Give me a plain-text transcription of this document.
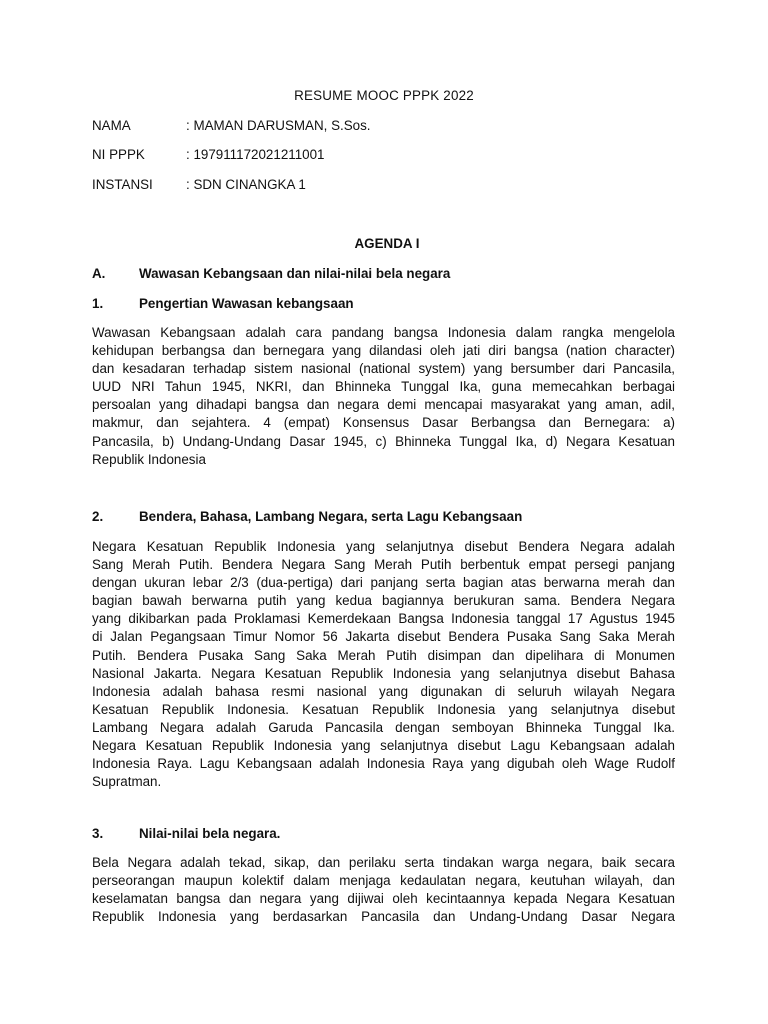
RESUME MOOC PPPK 2022
NAMA	: MAMAN DARUSMAN, S.Sos.
NI PPPK	: 197911172021211001
INSTANSI : SDN CINANGKA 1
AGENDA I
A.	Wawasan Kebangsaan dan nilai-nilai bela negara
1.	Pengertian Wawasan kebangsaan
Wawasan Kebangsaan adalah cara pandang bangsa Indonesia dalam rangka mengelola
kehidupan berbangsa dan bernegara yang dilandasi oleh jati diri bangsa (nation character)
dan kesadaran terhadap sistem nasional (national system) yang bersumber dari Pancasila,
UUD NRI Tahun 1945, NKRI, dan Bhinneka Tunggal Ika, guna memecahkan berbagai
persoalan yang dihadapi bangsa dan negara demi mencapai masyarakat yang aman, adil,
makmur, dan sejahtera. 4 (empat) Konsensus Dasar Berbangsa dan Bernegara: a)
Pancasila, b) Undang-Undang Dasar 1945, c) Bhinneka Tunggal Ika, d) Negara Kesatuan
Republik Indonesia
2.	Bendera, Bahasa, Lambang Negara, serta Lagu Kebangsaan
Negara Kesatuan Republik Indonesia yang selanjutnya disebut Bendera Negara adalah
Sang Merah Putih. Bendera Negara Sang Merah Putih berbentuk empat persegi panjang
dengan ukuran lebar 2/3 (dua-pertiga) dari panjang serta bagian atas berwarna merah dan
bagian bawah berwarna putih yang kedua bagiannya berukuran sama. Bendera Negara
yang dikibarkan pada Proklamasi Kemerdekaan Bangsa Indonesia tanggal 17 Agustus 1945
di Jalan Pegangsaan Timur Nomor 56 Jakarta disebut Bendera Pusaka Sang Saka Merah
Putih. Bendera Pusaka Sang Saka Merah Putih disimpan dan dipelihara di Monumen
Nasional Jakarta. Negara Kesatuan Republik Indonesia yang selanjutnya disebut Bahasa
Indonesia adalah bahasa resmi nasional yang digunakan di seluruh wilayah Negara
Kesatuan Republik Indonesia. Kesatuan Republik Indonesia yang selanjutnya disebut
Lambang Negara adalah Garuda Pancasila dengan semboyan Bhinneka Tunggal Ika.
Negara Kesatuan Republik Indonesia yang selanjutnya disebut Lagu Kebangsaan adalah
Indonesia Raya. Lagu Kebangsaan adalah Indonesia Raya yang digubah oleh Wage Rudolf
Supratman.
3.	Nilai-nilai bela negara.
Bela Negara adalah tekad, sikap, dan perilaku serta tindakan warga negara, baik secara
perseorangan maupun kolektif dalam menjaga kedaulatan negara, keutuhan wilayah, dan
keselamatan bangsa dan negara yang dijiwai oleh kecintaannya kepada Negara Kesatuan
Republik Indonesia yang berdasarkan Pancasila dan Undang-Undang Dasar Negara
